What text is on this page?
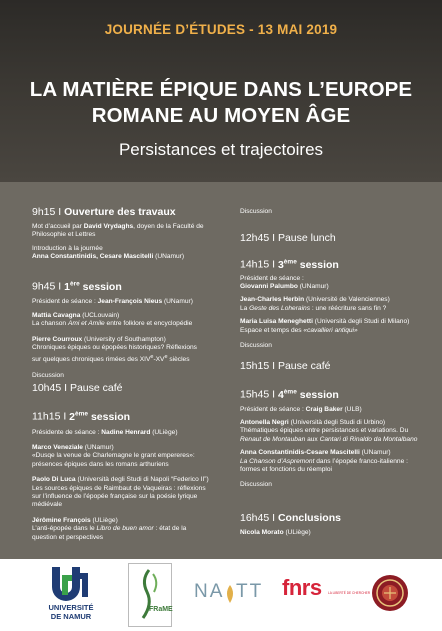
JOURNÉE D’ÉTUDES - 13 MAI 2019
LA MATIÈRE ÉPIQUE DANS L’EUROPE
ROMANE AU MOYEN ÂGE
Persistances et trajectoires
9h15 I Ouverture des travaux
Mot d’accueil par David Vrydaghs, doyen de la Faculté de
Philosophie et Lettres
Introduction à la journée
Anna Constantinidis, Cesare Mascitelli (UNamur)
9h45 I 1ère session
Président de séance : Jean-François Nieus (UNamur)
Mattia Cavagna (UCLouvain)
La chanson Ami et Amile entre folklore et encyclopédie
Pierre Courroux (University of Southampton)
Chroniques épiques ou épopées historiques? Réflexions
sur quelques chroniques rimées des XIVe-XVe siècles
Discussion
10h45 I Pause café
11h15 I 2ème session
Présidente de séance : Nadine Henrard (ULiège)
Marco Veneziale (UNamur)
«Dusqe la venue de Charlemagne le grant empereres»:
présences épiques dans les romans arthuriens
Paolo Di Luca (Università degli Studi di Napoli “Federico II”)
Les sources épiques de Raimbaut de Vaqueiras : réflexions
sur l’influence de l’épopée française sur la poésie lyrique
médiévale
Jérômine François (ULiège)
L’anti-épopée dans le Libro de buen amor : état de la
question et perspectives
Discussion
12h45 I Pause lunch
14h15 I 3ème session
Président de séance :
Giovanni Palumbo (UNamur)
Jean-Charles Herbin (Université de Valenciennes)
La Geste des Loherains : une réécriture sans fin ?
Maria Luisa Meneghetti (Università degli Studi di Milano)
Espace et temps des «cavallieri antiqui»
Discussion
15h15 I Pause café
15h45 I 4ème session
Président de séance : Craig Baker (ULB)
Antonella Negri (Università degli Studi di Urbino)
Thématiques épiques entre persistances et variations. Du
Renaut de Montauban aux Cantari di Rinaldo da Montalbano
Anna Constantinidis-Cesare Mascitelli (UNamur)
La Chanson d’Aspremont dans l’épopée franco-italienne :
formes et fonctions du réemploi
Discussion
16h45 I Conclusions
Nicola Morato (ULiège)
UNIVERSITÉ
DE NAMUR
FRaME
NA TT fnrs LA LIBERTÉ DE CHERCHER
